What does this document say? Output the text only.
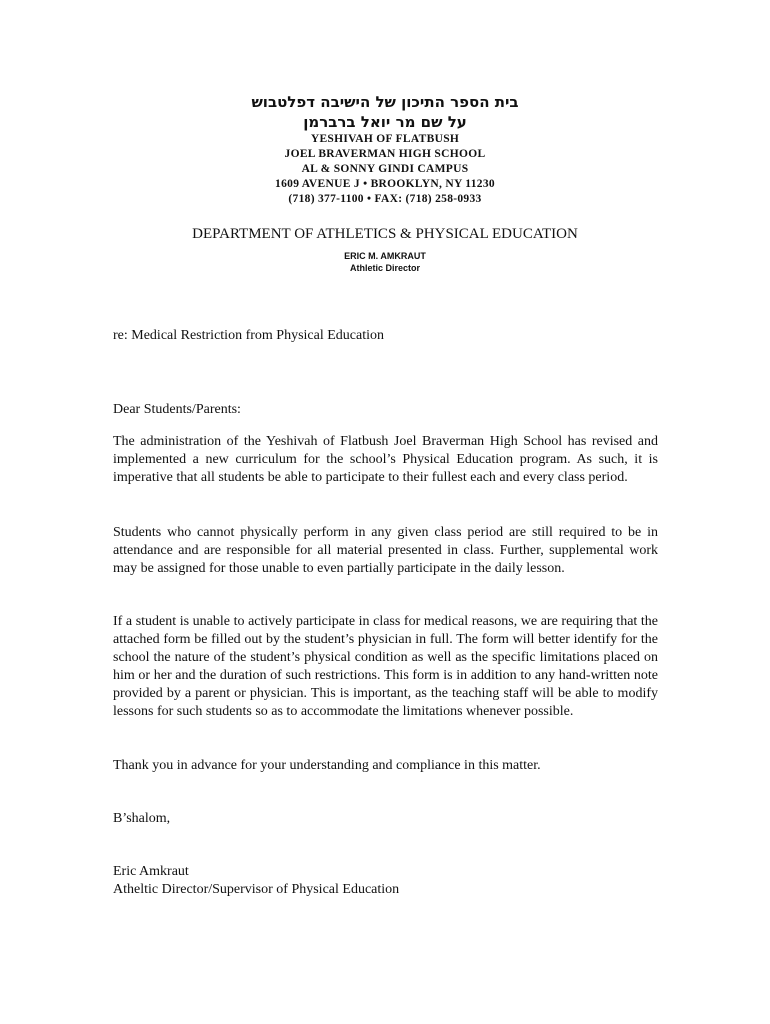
בית הספר התיכון של הישיבה דפלטבוש
על שם מר יואל ברברמן
YESHIVAH OF FLATBUSH
JOEL BRAVERMAN HIGH SCHOOL
AL & SONNY GINDI CAMPUS
1609 AVENUE J • BROOKLYN, NY 11230
(718) 377-1100 • FAX: (718) 258-0933
DEPARTMENT OF ATHLETICS & PHYSICAL EDUCATION
ERIC M. AMKRAUT
Athletic Director
re: Medical Restriction from Physical Education
Dear Students/Parents:
The administration of the Yeshivah of Flatbush Joel Braverman High School has revised and implemented a new curriculum for the school’s Physical Education program. As such, it is imperative that all students be able to participate to their fullest each and every class period.
Students who cannot physically perform in any given class period are still required to be in attendance and are responsible for all material presented in class. Further, supplemental work may be assigned for those unable to even partially participate in the daily lesson.
If a student is unable to actively participate in class for medical reasons, we are requiring that the attached form be filled out by the student’s physician in full. The form will better identify for the school the nature of the student’s physical condition as well as the specific limitations placed on him or her and the duration of such restrictions. This form is in addition to any hand-written note provided by a parent or physician. This is important, as the teaching staff will be able to modify lessons for such students so as to accommodate the limitations whenever possible.
Thank you in advance for your understanding and compliance in this matter.
B’shalom,
Eric Amkraut
Atheltic Director/Supervisor of Physical Education
